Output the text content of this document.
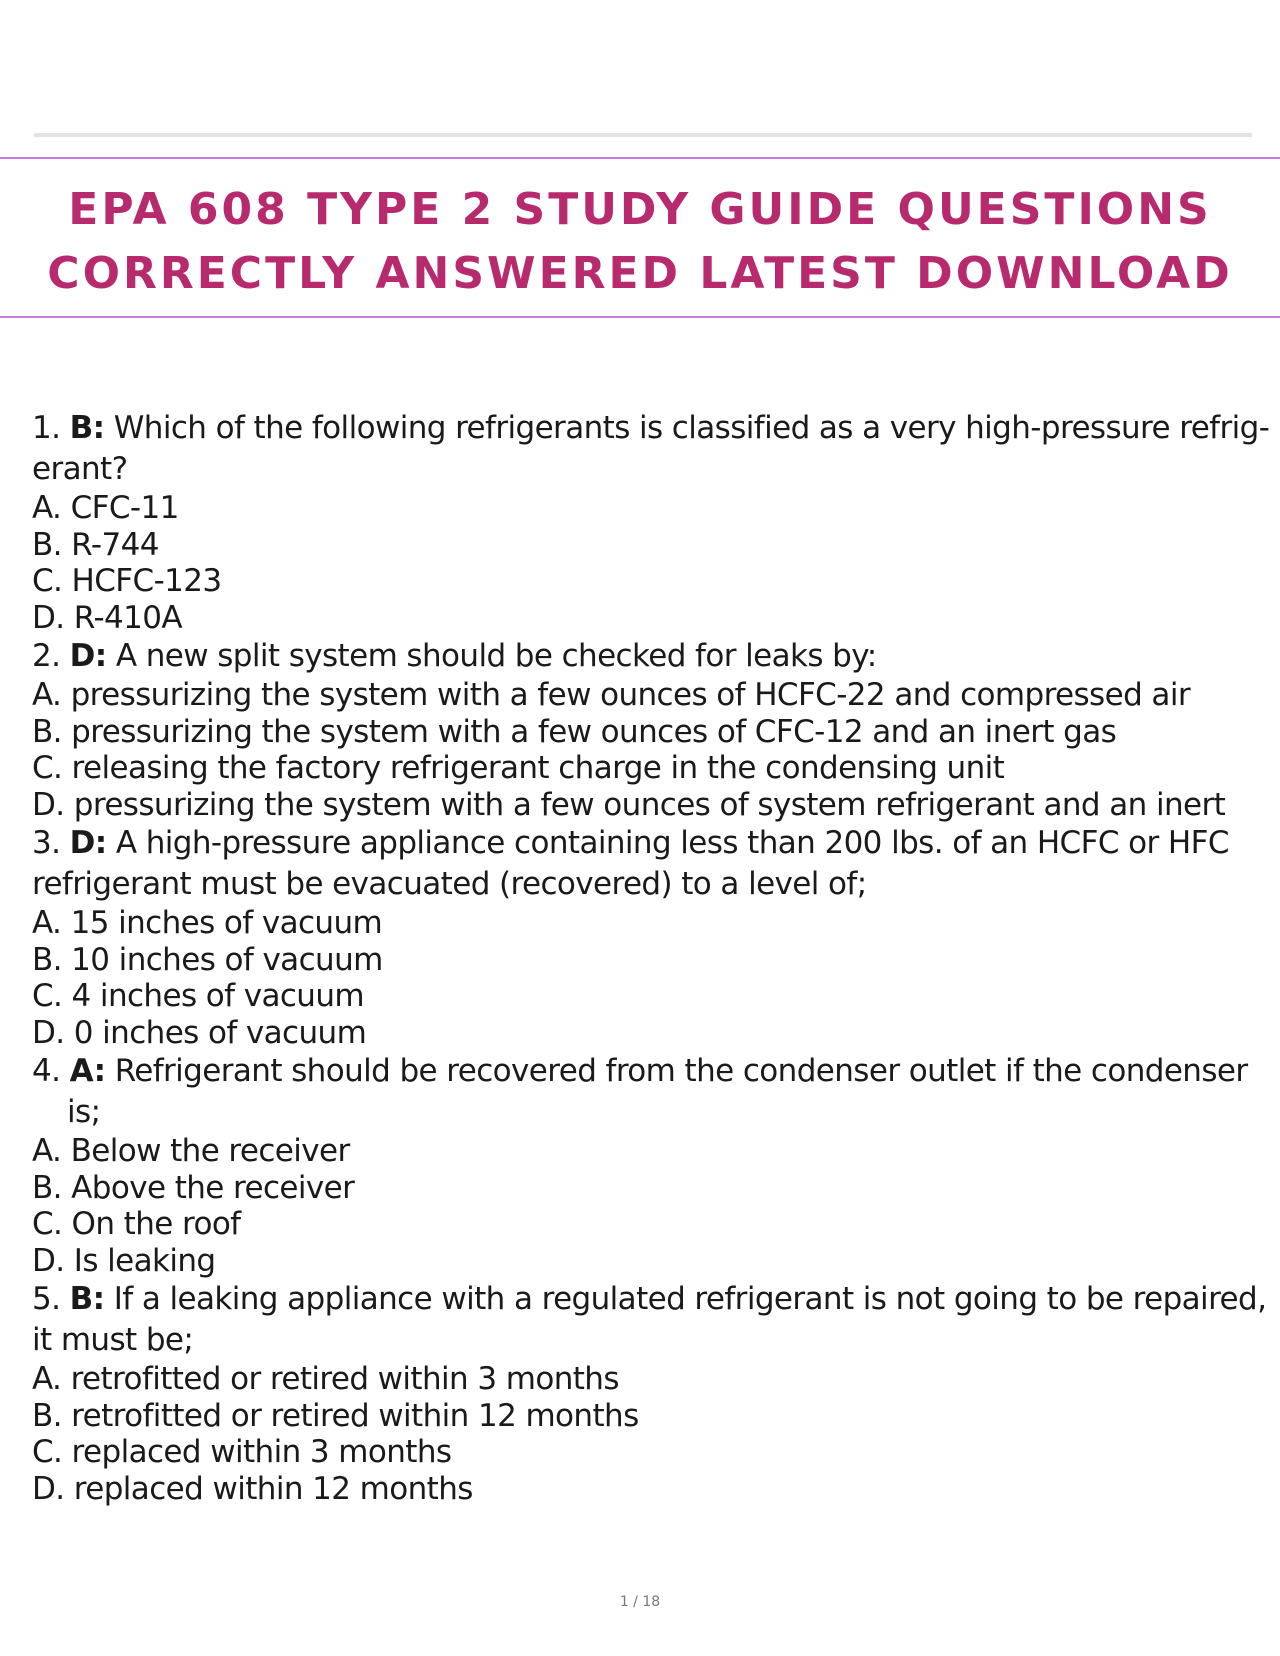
EPA 608 TYPE 2 STUDY GUIDE QUESTIONS
CORRECTLY ANSWERED LATEST DOWNLOAD

1. B: Which of the following refrigerants is classified as a very high-pressure refrig- erant?

A. CFC-11

B. R-744

C. HCFC-123

D. R-410A

2. D: A new split system should be checked for leaks by:

A. pressurizing the system with a few ounces of HCFC-22 and compressed air

B. pressurizing the system with a few ounces of CFC-12 and an inert gas

C. releasing the factory refrigerant charge in the condensing unit

D. pressurizing the system with a few ounces of system refrigerant and an inert

3. D: A high-pressure appliance containing less than 200 lbs. of an HCFC or HFC refrigerant must be evacuated (recovered) to a level of;

A. 15 inches of vacuum

B. 10 inches of vacuum

C. 4 inches of vacuum

D. 0 inches of vacuum

4. A: Refrigerant should be recovered from the condenser outlet if the condenser is;

A. Below the receiver

B. Above the receiver

C. On the roof

D. Is leaking

5. B: If a leaking appliance with a regulated refrigerant is not going to be repaired, it must be;

A. retrofitted or retired within 3 months

B. retrofitted or retired within 12 months

C. replaced within 3 months

D. replaced within 12 months

1 / 18
